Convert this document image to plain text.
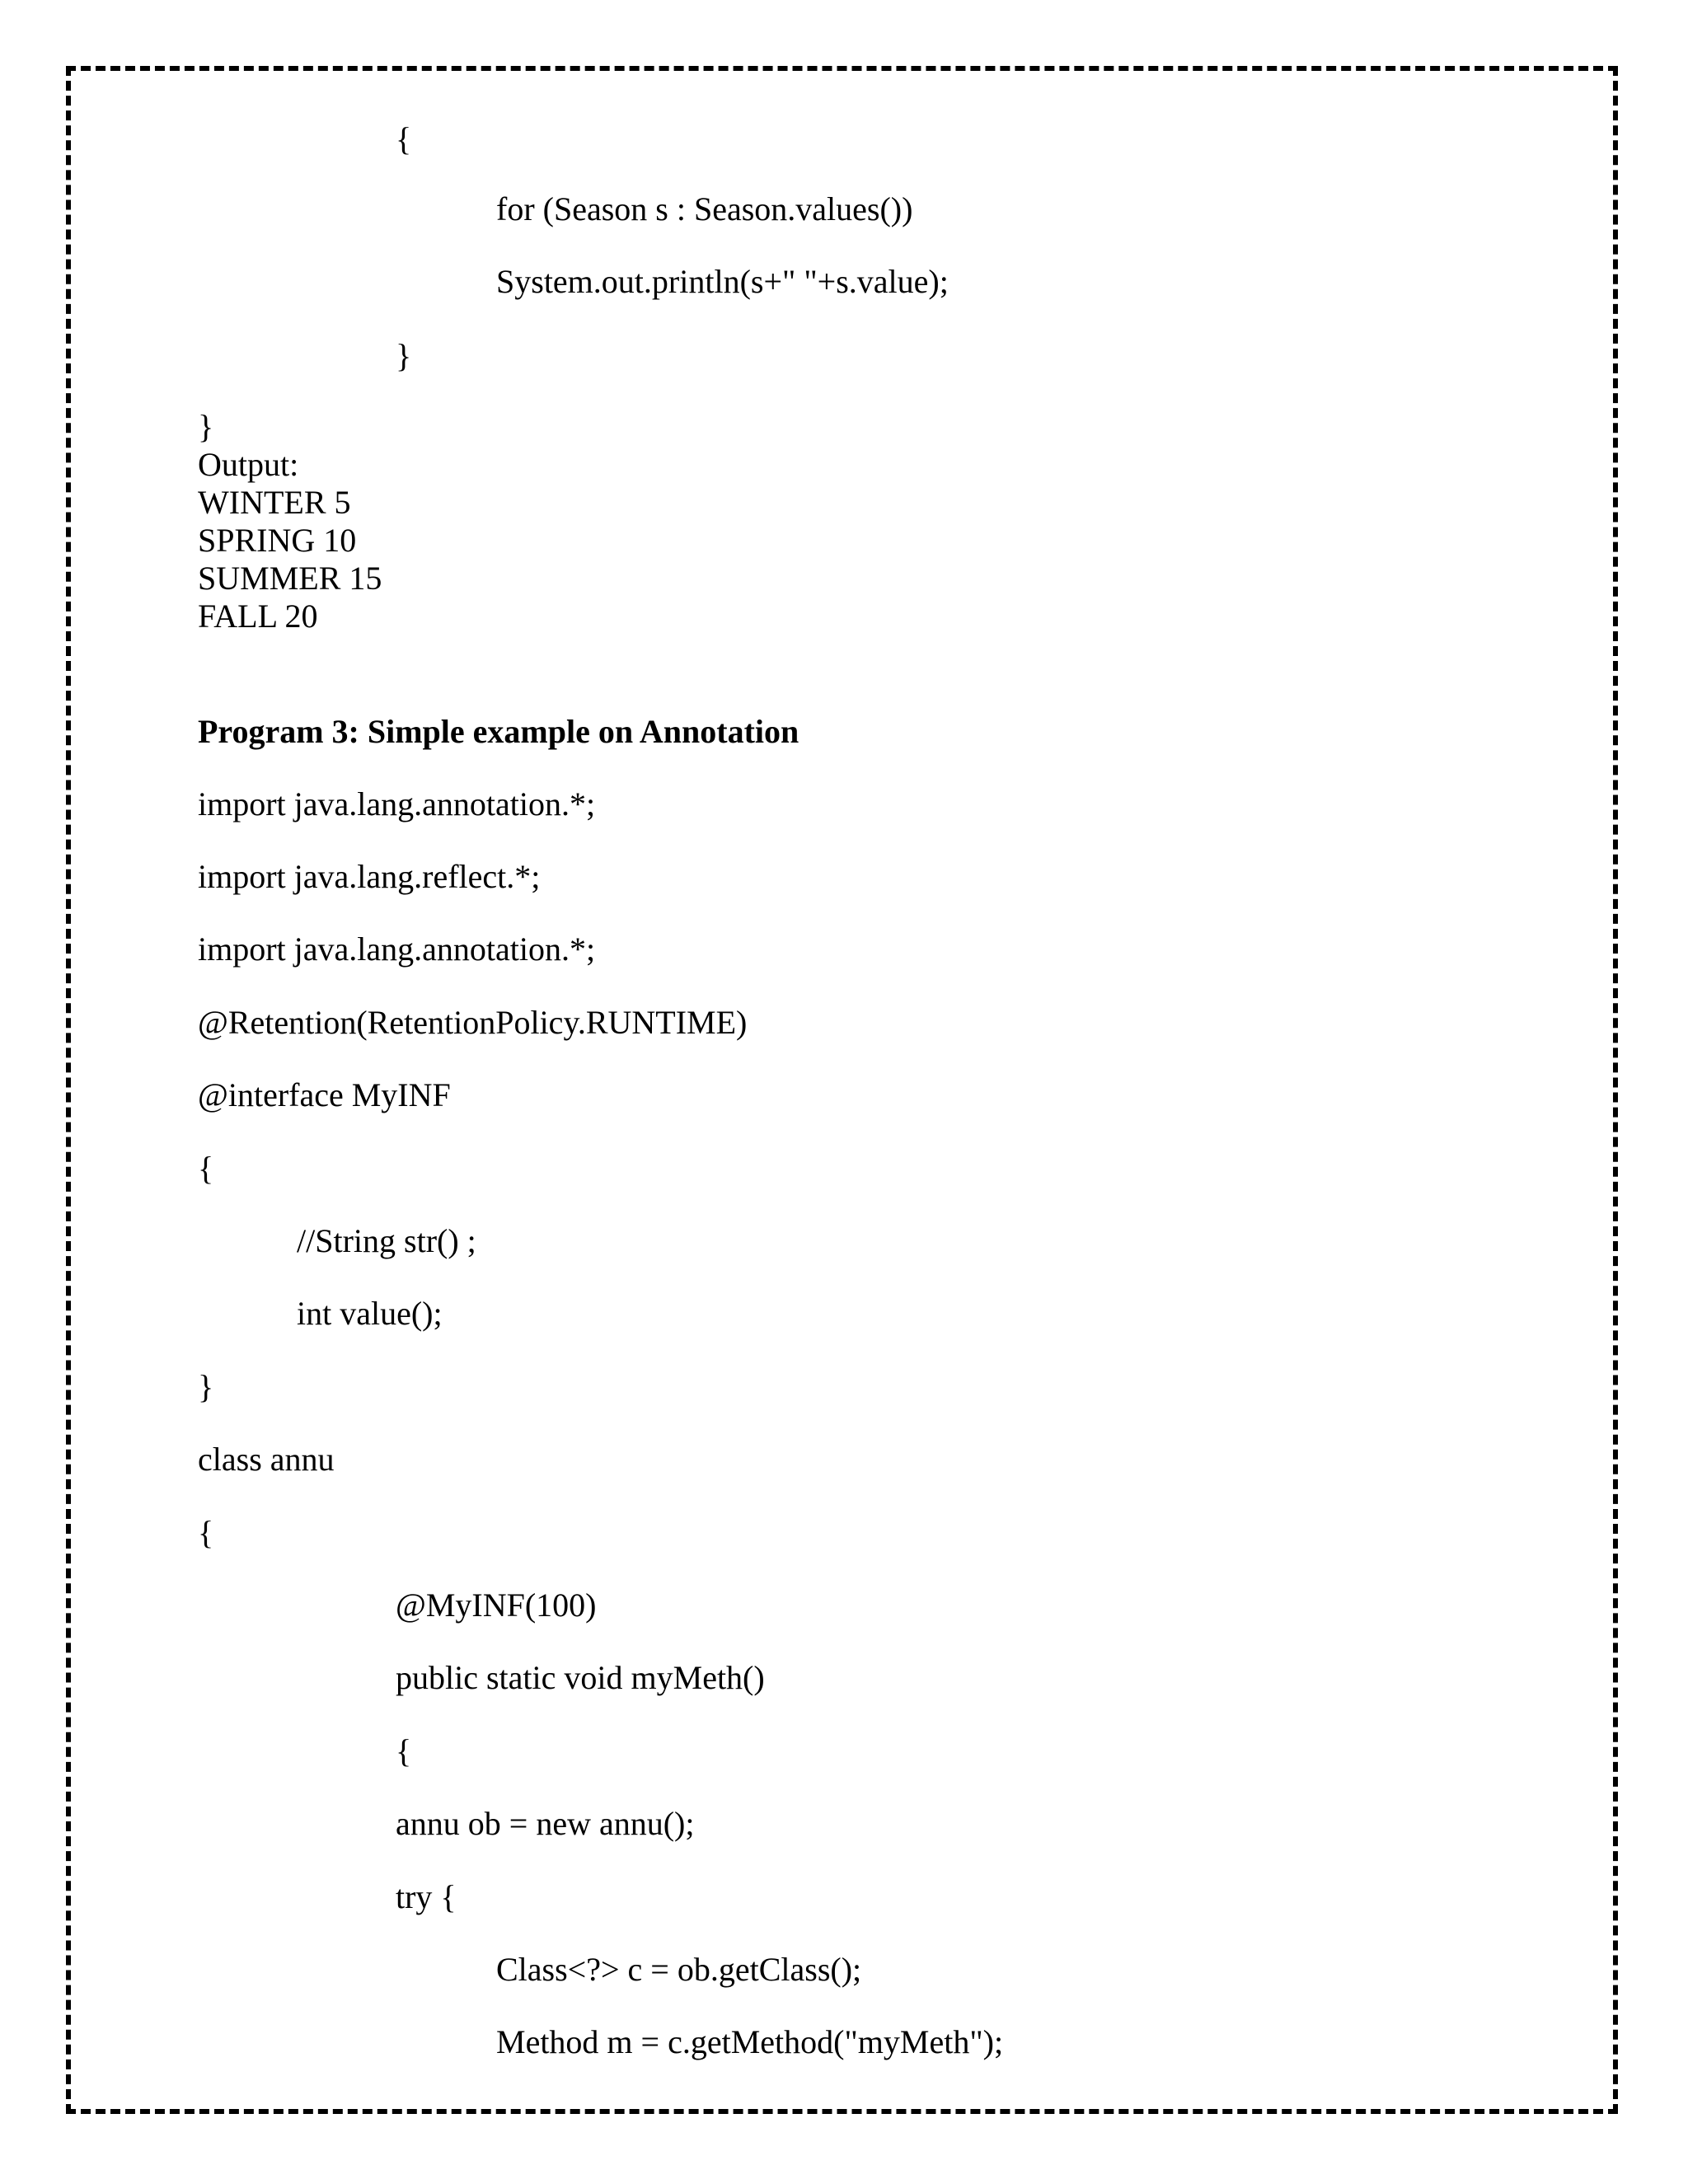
{
for (Season s : Season.values())
System.out.println(s+" "+s.value);
}
}
Output:
WINTER 5
SPRING 10
SUMMER 15
FALL 20
Program 3: Simple example on Annotation
import java.lang.annotation.*;
import java.lang.reflect.*;
import java.lang.annotation.*;
@Retention(RetentionPolicy.RUNTIME)
@interface MyINF
{
//String str() ;
int value();
}
class annu
{
@MyINF(100)
public static void myMeth()
{
annu ob = new annu();
try {
Class<?> c = ob.getClass();
Method m = c.getMethod("myMeth");
